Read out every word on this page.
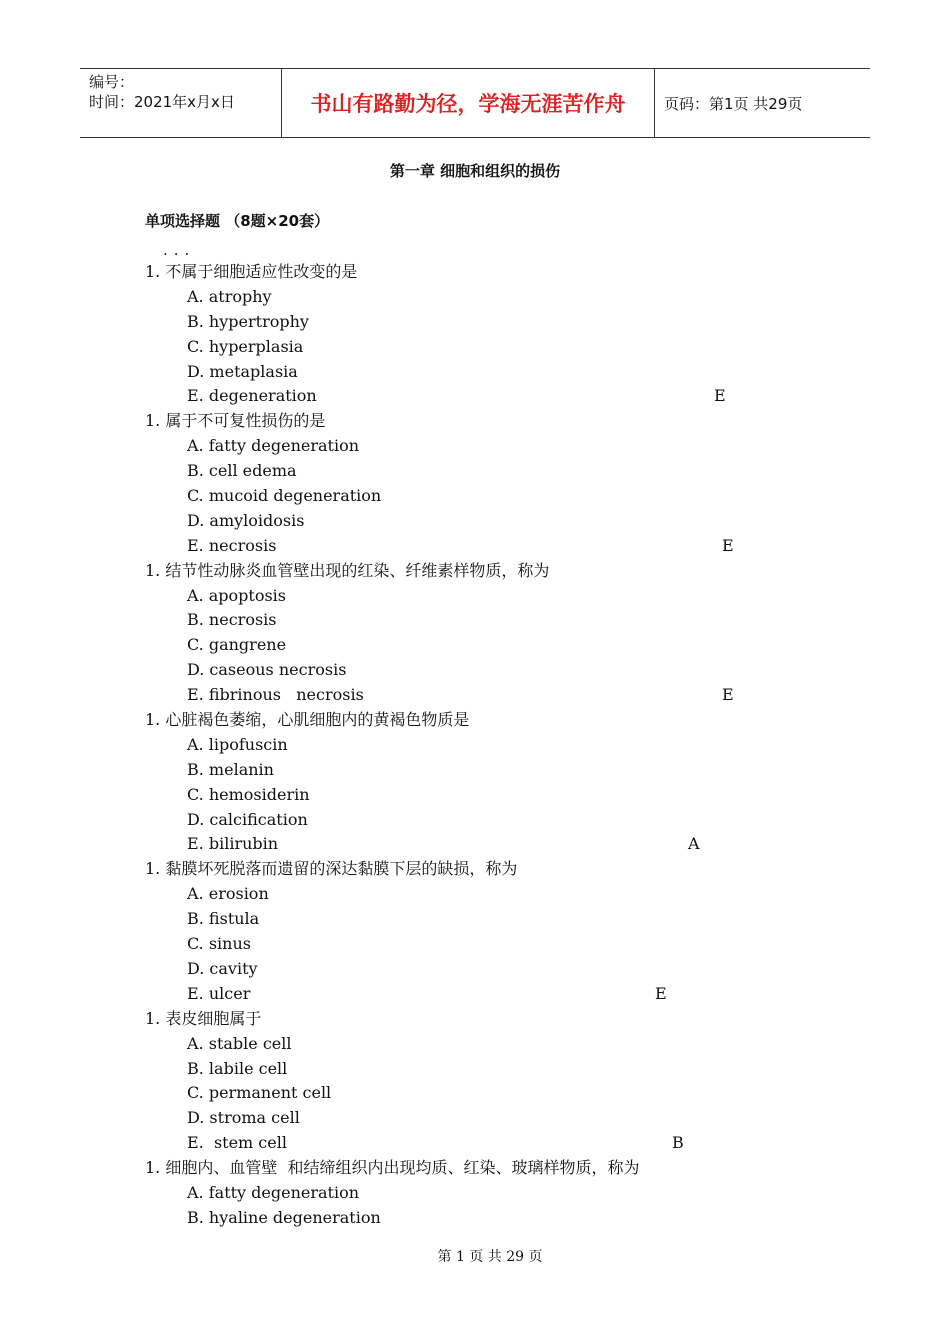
编号：
时间：2021年x月x日	书山有路勤为径，学海无涯苦作舟	页码：第1页 共29页
第一章 细胞和组织的损伤
单项选择题 （8题×20套）
...
1. 不属于细胞适应性改变的是
A. atrophy
B. hypertrophy
C. hyperplasia
D. metaplasia
E. degeneration	E
1. 属于不可复性损伤的是
A. fatty degeneration
B. cell edema
C. mucoid degeneration
D. amyloidosis
E. necrosis	E
1. 结节性动脉炎血管壁出现的红染、纤维素样物质，称为
A. apoptosis
B. necrosis
C. gangrene
D. caseous necrosis
E. fibrinous   necrosis	E
1. 心脏褐色萎缩，心肌细胞内的黄褐色物质是
A. lipofuscin
B. melanin
C. hemosiderin
D. calcification
E. bilirubin	A
1. 黏膜坏死脱落而遗留的深达黏膜下层的缺损，称为
A. erosion
B. fistula
C. sinus
D. cavity
E. ulcer	E
1. 表皮细胞属于
A. stable cell
B. labile cell
C. permanent cell
D. stroma cell
E.  stem cell	B
1. 细胞内、血管壁  和结缔组织内出现均质、红染、玻璃样物质，称为
A. fatty degeneration
B. hyaline degeneration
第 1 页 共 29 页
